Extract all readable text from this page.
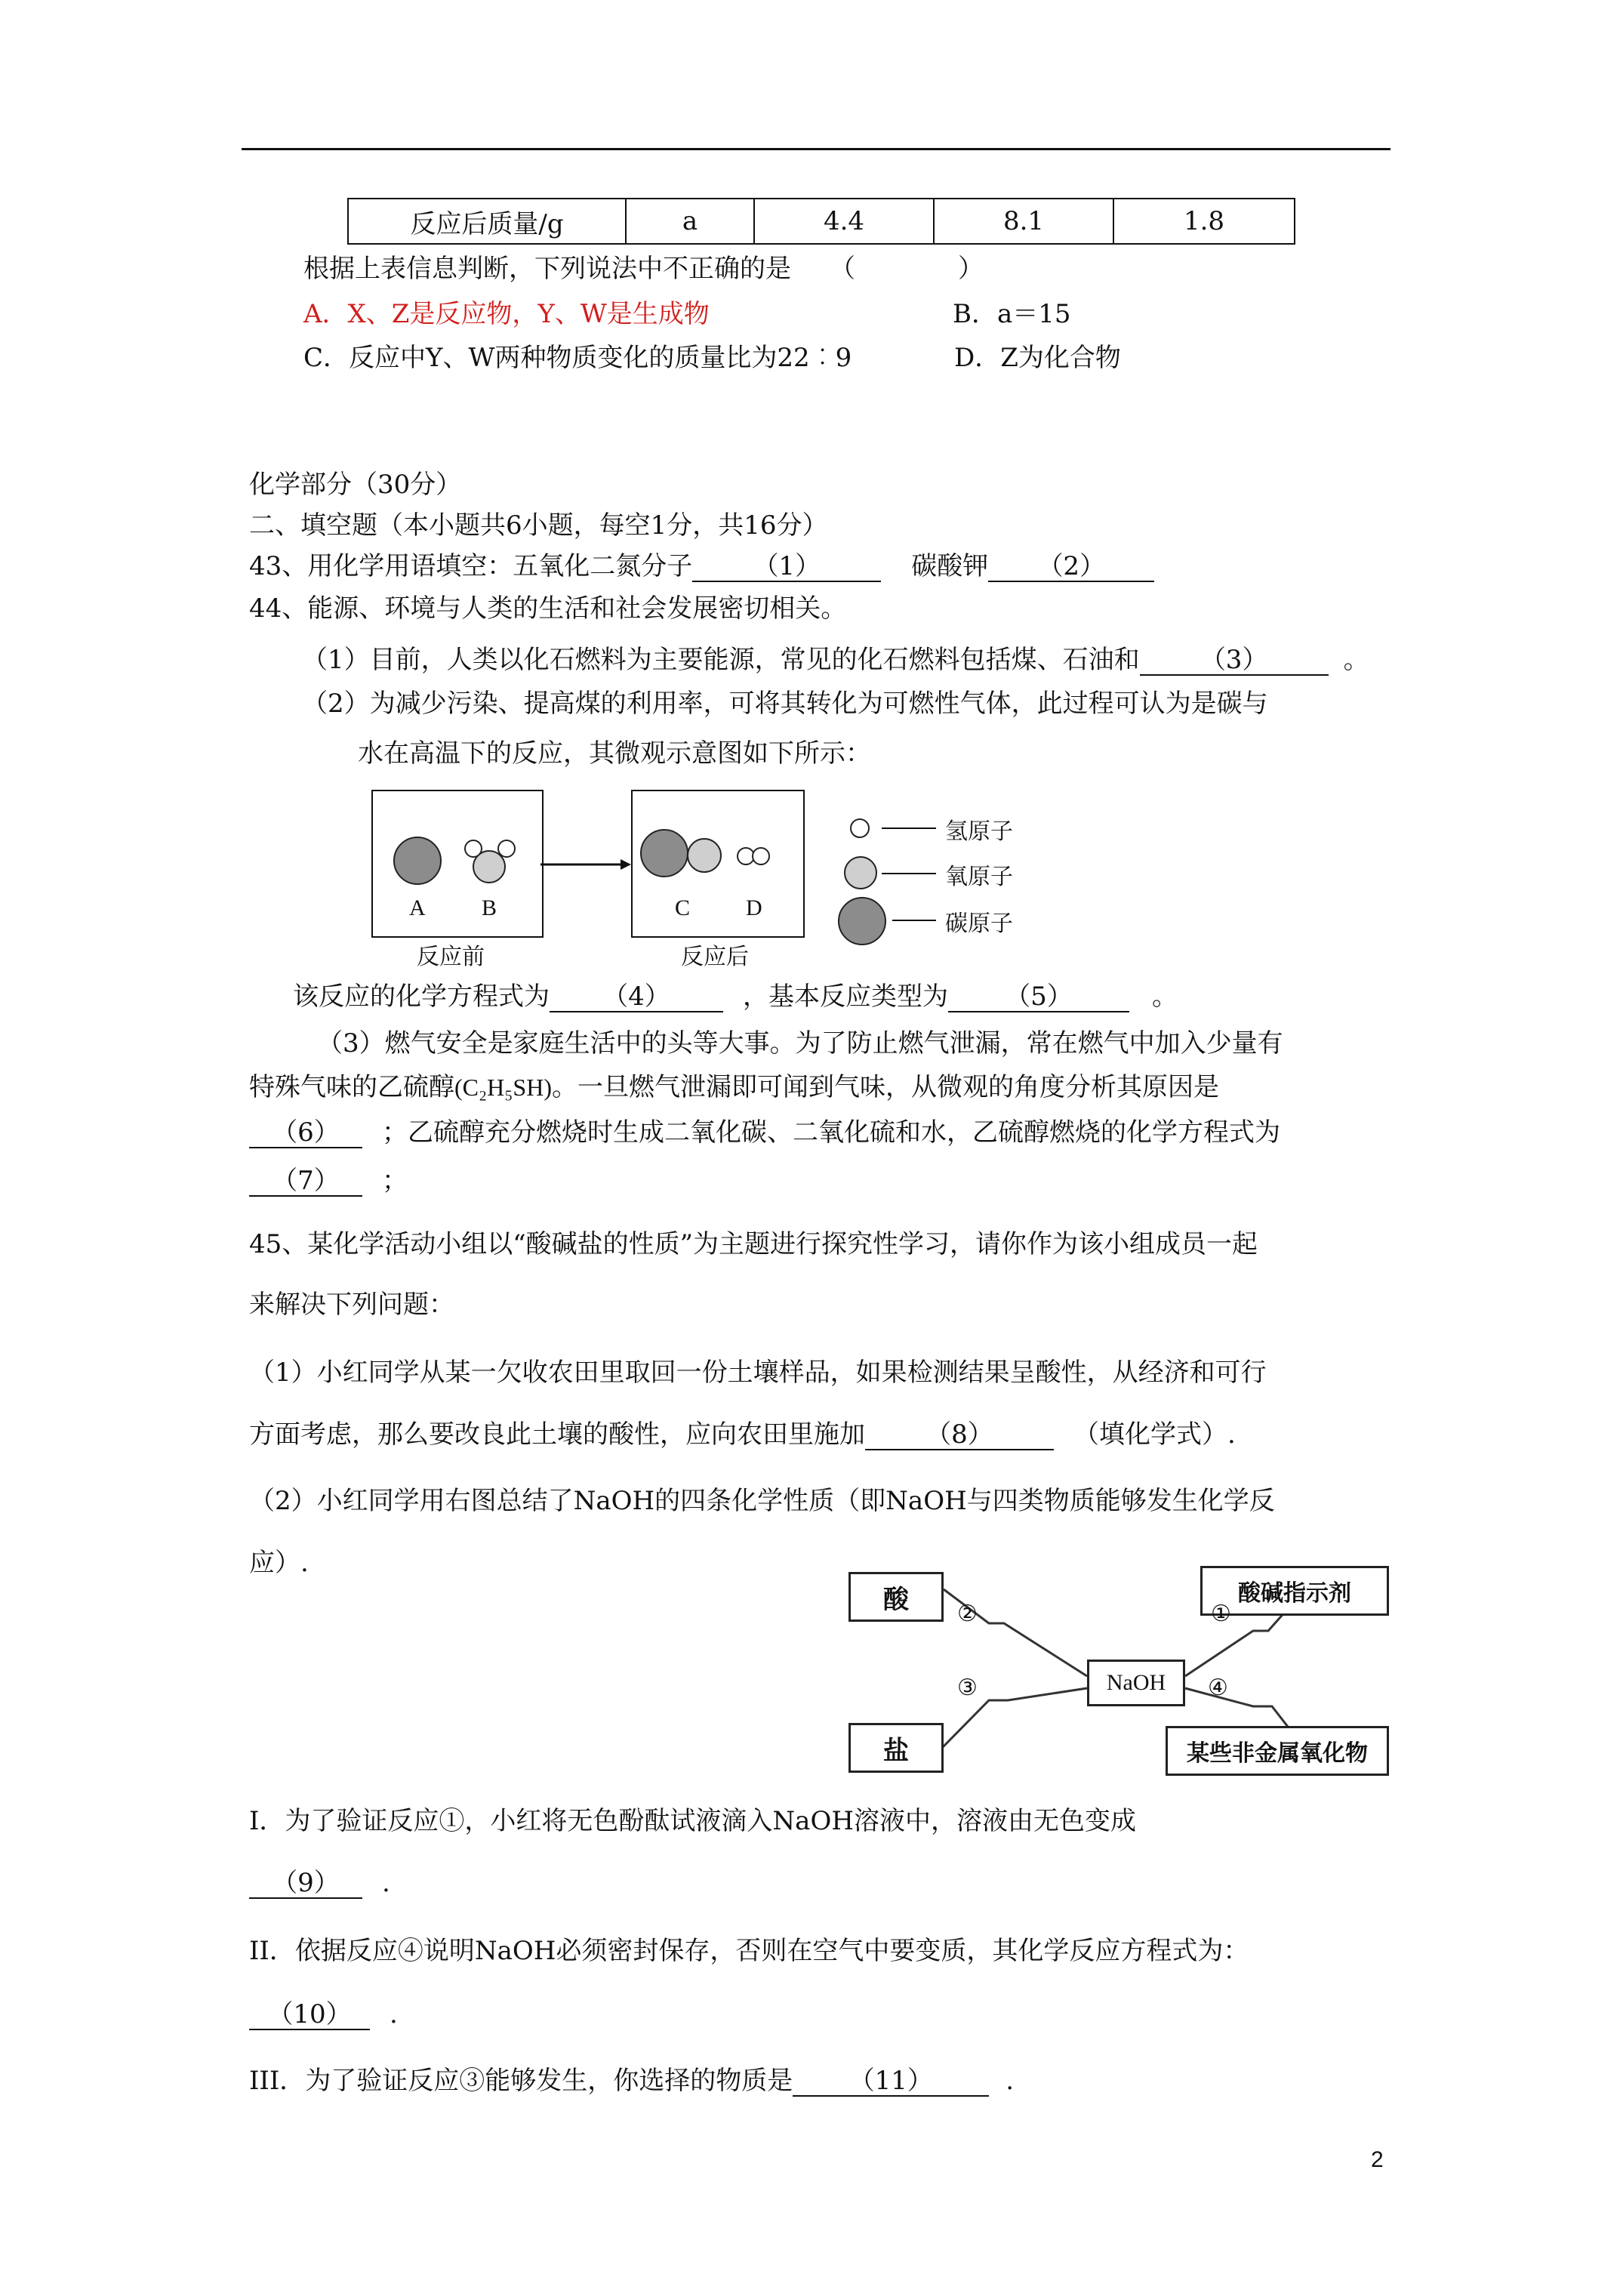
反应后质量/g	a	4.4	8.1	1.8
根据上表信息判断，下列说法中不正确的是　　（　　　　）
A．X、Z是反应物，Y、W是生成物	B．a＝15
C．反应中Y、W两种物质变化的质量比为22︰9	D．Z为化合物
化学部分（30分）
二、填空题（本小题共6小题，每空1分，共16分）
43、用化学用语填空：五氧化二氮分子 （1）	碳酸钾 （2）
44、能源、环境与人类的生活和社会发展密切相关。
（1）目前，人类以化石燃料为主要能源，常见的化石燃料包括煤、石油和 （3）	。
（2）为减少污染、提高煤的利用率，可将其转化为可燃性气体，此过程可认为是碳与
水在高温下的反应，其微观示意图如下所示：
A B
反应前
C D
反应后
氢原子
氧原子
碳原子
该反应的化学方程式为 （4）	，基本反应类型为 （5）	。
（3）燃气安全是家庭生活中的头等大事。为了防止燃气泄漏，常在燃气中加入少量有
特殊气味的乙硫醇(C₂H₅SH)。一旦燃气泄漏即可闻到气味，从微观的角度分析其原因是
（6） ；乙硫醇充分燃烧时生成二氧化碳、二氧化硫和水，乙硫醇燃烧的化学方程式为
（7） ；
45、某化学活动小组以“酸碱盐的性质”为主题进行探究性学习，请你作为该小组成员一起
来解决下列问题：
（1）小红同学从某一欠收农田里取回一份土壤样品，如果检测结果呈酸性，从经济和可行
方面考虑，那么要改良此土壤的酸性，应向农田里施加 （8）	（填化学式）.
（2）小红同学用右图总结了NaOH的四条化学性质（即NaOH与四类物质能够发生化学反
应）.
酸	酸碱指示剂
NaOH
盐	某些非金属氧化物
②	①
③	④
I．为了验证反应①，小红将无色酚酞试液滴入NaOH溶液中，溶液由无色变成
（9） .
II．依据反应④说明NaOH必须密封保存，否则在空气中要变质，其化学反应方程式为：
（10） .
III．为了验证反应③能够发生，你选择的物质是 （11）	.
2
